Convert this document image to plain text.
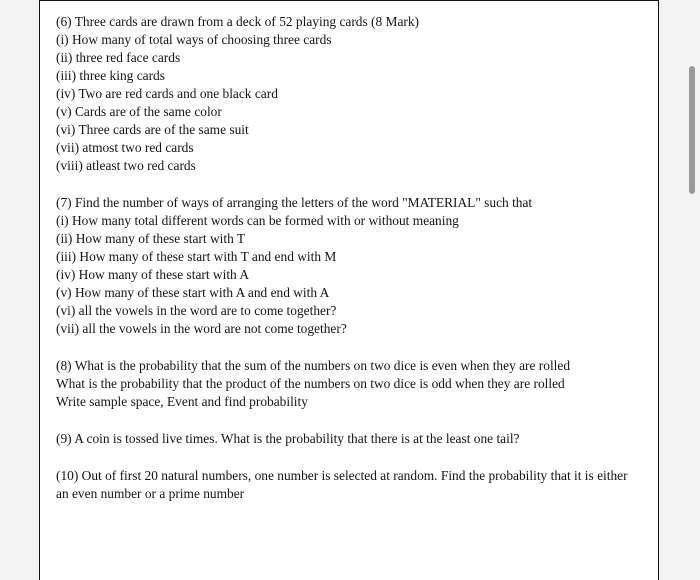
(6) Three cards are drawn from a deck of 52 playing cards (8 Mark)
(i) How many of total ways of choosing three cards
(ii) three red face cards
(iii) three king cards
(iv) Two are red cards and one black card
(v) Cards are of the same color
(vi) Three cards are of the same suit
(vii) atmost two red cards
(viii) atleast two red cards
(7) Find the number of ways of arranging the letters of the word "MATERIAL" such that
(i) How many total different words can be formed with or without meaning
(ii) How many of these start with T
(iii) How many of these start with T and end with M
(iv) How many of these start with A
(v) How many of these start with A and end with A
(vi) all the vowels in the word are to come together?
(vii) all the vowels in the word are not come together?
(8) What is the probability that the sum of the numbers on two dice is even when they are rolled
What is the probability that the product of the numbers on two dice is odd when they are rolled
Write sample space, Event and find probability
(9) A coin is tossed live times. What is the probability that there is at the least one tail?
(10) Out of first 20 natural numbers, one number is selected at random. Find the probability that it is either
an even number or a prime number
